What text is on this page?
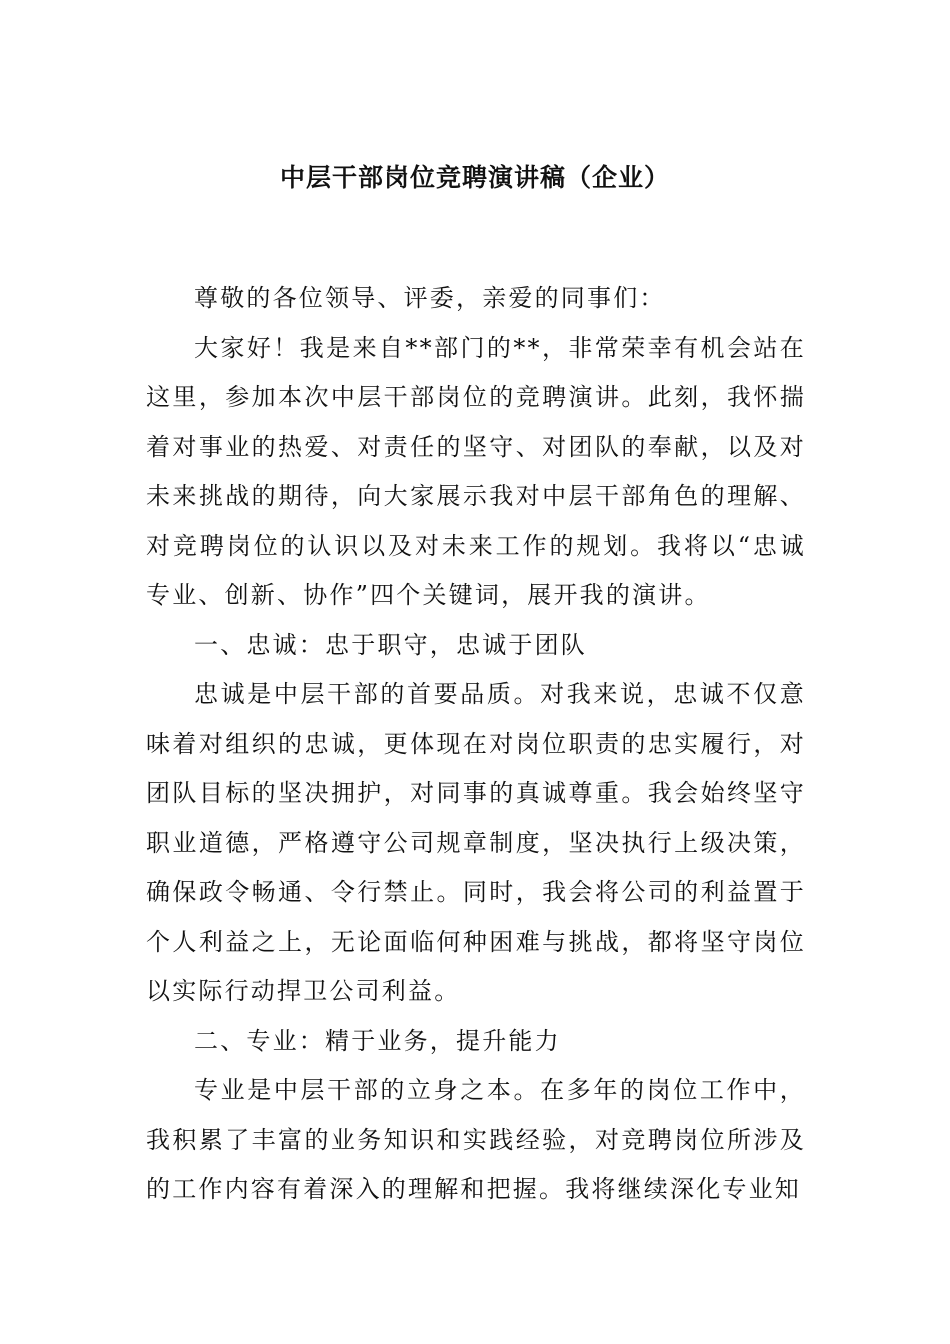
中层干部岗位竞聘演讲稿（企业）

尊敬的各位领导、评委，亲爱的同事们：

大家好！我是来自**部门的**，非常荣幸有机会站在这里，参加本次中层干部岗位的竞聘演讲。此刻，我怀揣着对事业的热爱、对责任的坚守、对团队的奉献，以及对未来挑战的期待，向大家展示我对中层干部角色的理解、对竞聘岗位的认识以及对未来工作的规划。我将以“忠诚专业、创新、协作”四个关键词，展开我的演讲。

一、忠诚：忠于职守，忠诚于团队

忠诚是中层干部的首要品质。对我来说，忠诚不仅意味着对组织的忠诚，更体现在对岗位职责的忠实履行，对团队目标的坚决拥护，对同事的真诚尊重。我会始终坚守职业道德，严格遵守公司规章制度，坚决执行上级决策，确保政令畅通、令行禁止。同时，我会将公司的利益置于个人利益之上，无论面临何种困难与挑战，都将坚守岗位以实际行动捍卫公司利益。

二、专业：精于业务，提升能力

专业是中层干部的立身之本。在多年的岗位工作中，我积累了丰富的业务知识和实践经验，对竞聘岗位所涉及的工作内容有着深入的理解和把握。我将继续深化专业知
